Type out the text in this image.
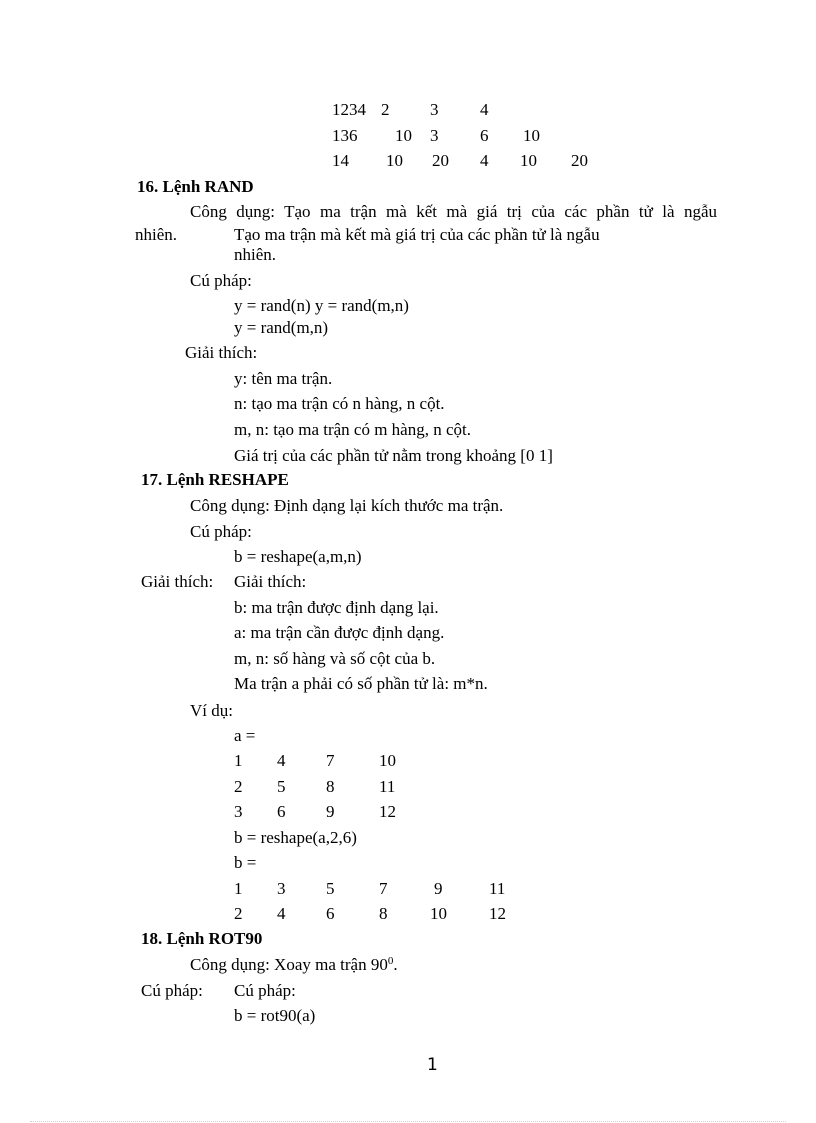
1234 2 3 4
136 10 3 6 10
14 10 20 4 10 20
16. Lệnh RAND
Công dụng: Tạo ma trận mà kết mà giá trị của các phần tử là ngẫu
nhiên.	Tạo ma trận mà kết mà giá trị của các phần tử là ngẫu
nhiên.
Cú pháp:
y = rand(n) y = rand(m,n)
y = rand(m,n)
Giải thích:
y: tên ma trận.
n: tạo ma trận có n hàng, n cột.
m, n: tạo ma trận có m hàng, n cột.
Giá trị của các phần tử nằm trong khoảng [0 1]
17. Lệnh RESHAPE
Công dụng: Định dạng lại kích thước ma trận.
Cú pháp:
b = reshape(a,m,n)
Giải thích: Giải thích:
b: ma trận được định dạng lại.
a: ma trận cần được định dạng.
m, n: số hàng và số cột của b.
Ma trận a phải có số phần tử là: m*n.
Ví dụ:
a =
1 4 7	10
2 5 8	11
3 6 9	12
b = reshape(a,2,6)
b =
1 3 5	7	9	11
2 4 6	8	10 12
18. Lệnh ROT90
Công dụng: Xoay ma trận $90^0$.
Cú pháp: Cú pháp:
b = rot90(a)
1
